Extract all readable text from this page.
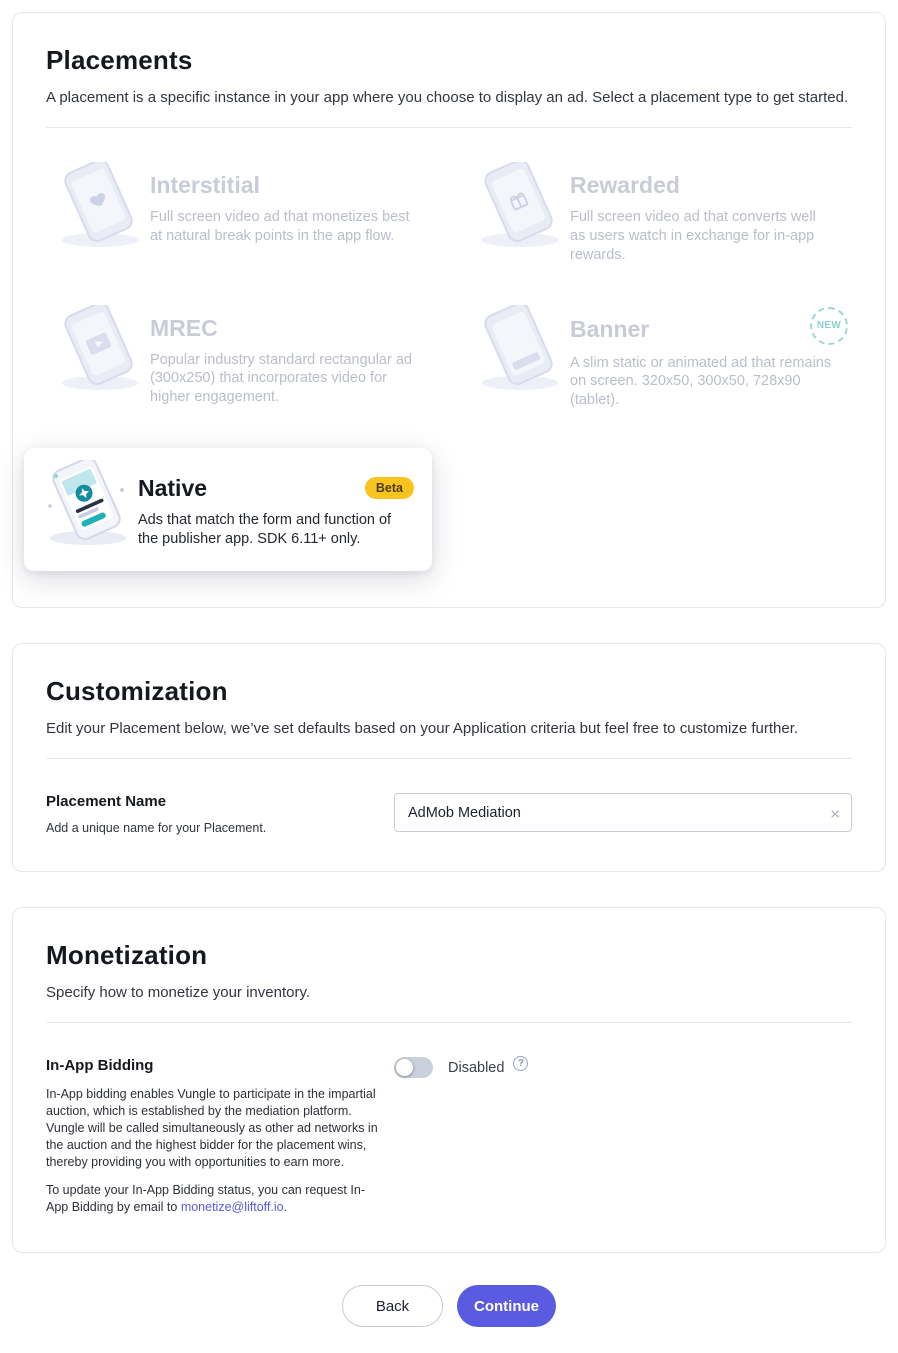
Placements

A placement is a specific instance in your app where you choose to display an ad. Select a placement type to get started.

Interstitial
Full screen video ad that monetizes best at natural break points in the app flow.
Rewarded
Full screen video ad that converts well as users watch in exchange for in-app rewards.
MREC
Popular industry standard rectangular ad (300x250) that incorporates video for higher engagement.
Banner	NEW
A slim static or animated ad that remains on screen. 320x50, 300x50, 728x90 (tablet).
Native	Beta
Ads that match the form and function of the publisher app. SDK 6.11+ only.
Customization

Edit your Placement below, we’ve set defaults based on your Application criteria but feel free to customize further.

Placement Name
Add a unique name for your Placement.
AdMob Mediation
×
Monetization

Specify how to monetize your inventory.

In-App Bidding

In-App bidding enables Vungle to participate in the impartial auction, which is established by the mediation platform. Vungle will be called simultaneously as other ad networks in the auction and the highest bidder for the placement wins, thereby providing you with opportunities to earn more.

To update your In-App Bidding status, you can request In-App Bidding by email to monetize@liftoff.io.

Disabled	?
Back	Continue
